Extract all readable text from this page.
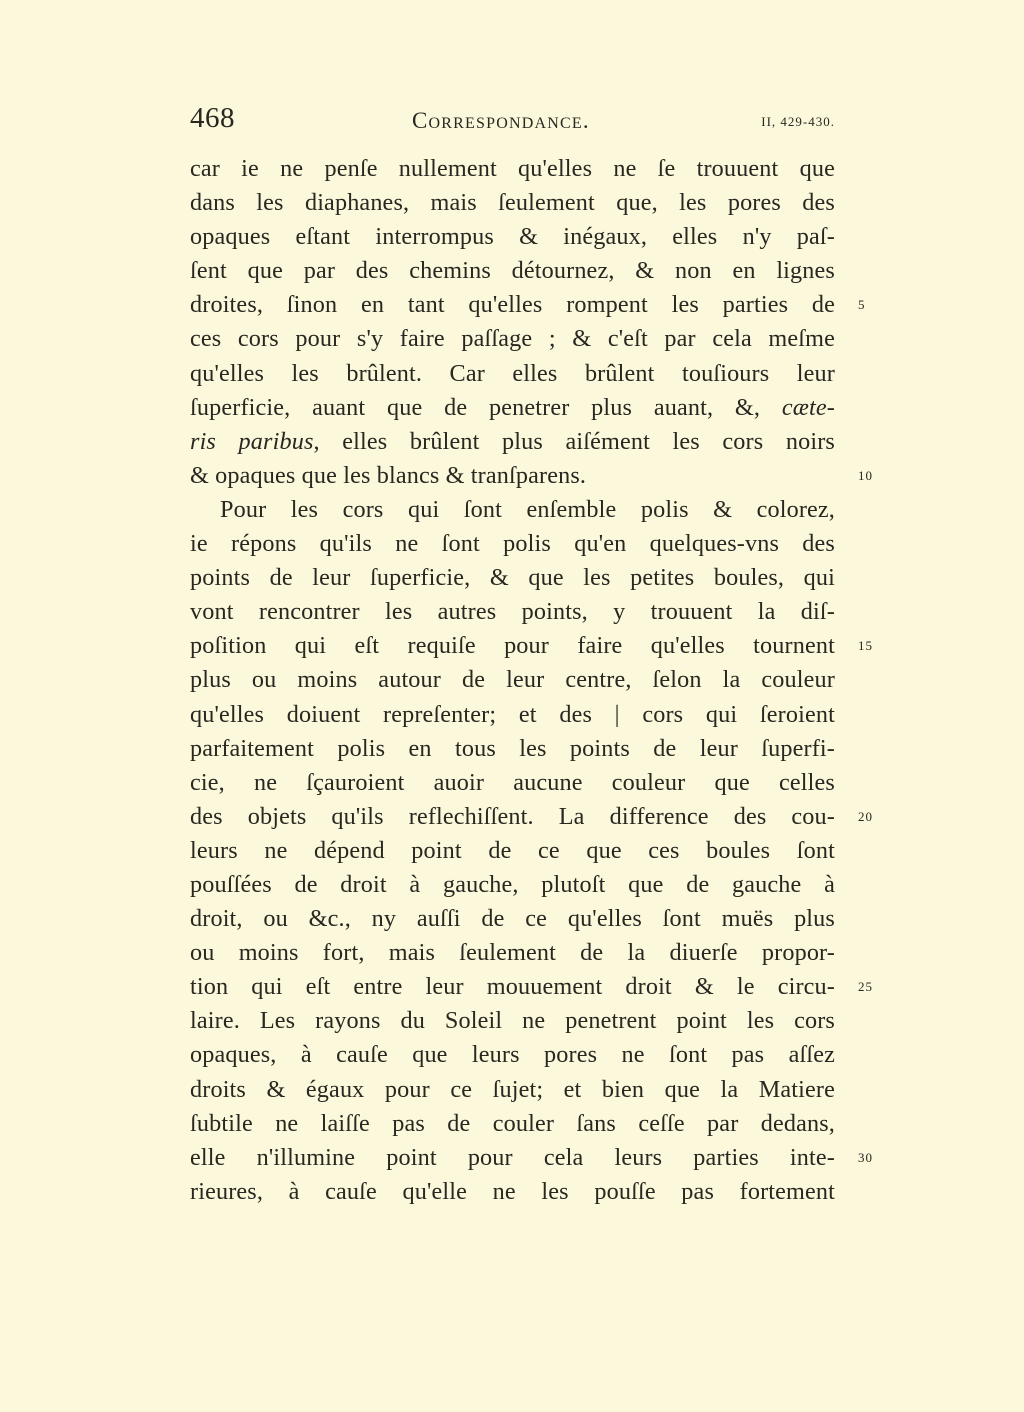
468	Correspondance.	II, 429-430.
car ie ne penſe nullement qu'elles ne ſe trouuent que
dans les diaphanes, mais ſeulement que, les pores des
opaques eſtant interrompus & inégaux, elles n'y paſ-
ſent que par des chemins détournez, & non en lignes
droites, ſinon en tant qu'elles rompent les parties de 5
ces cors pour s'y faire paſſage ; & c'eſt par cela meſme
qu'elles les brûlent. Car elles brûlent touſiours leur
ſuperficie, auant que de penetrer plus auant, &, cæte-
ris paribus, elles brûlent plus aiſément les cors noirs
& opaques que les blancs & tranſparens.	10
Pour les cors qui ſont enſemble polis & colorez,
ie répons qu'ils ne ſont polis qu'en quelques-vns des
points de leur ſuperficie, & que les petites boules, qui
vont rencontrer les autres points, y trouuent la diſ-
poſition qui eſt requiſe pour faire qu'elles tournent 15
plus ou moins autour de leur centre, ſelon la couleur
qu'elles doiuent repreſenter; et des | cors qui ſeroient
parfaitement polis en tous les points de leur ſuperfi-
cie, ne ſçauroient auoir aucune couleur que celles
des objets qu'ils reflechiſſent. La difference des cou- 20
leurs ne dépend point de ce que ces boules ſont
pouſſées de droit à gauche, plutoſt que de gauche à
droit, ou &c., ny auſſi de ce qu'elles ſont muës plus
ou moins fort, mais ſeulement de la diuerſe propor-
tion qui eſt entre leur mouuement droit & le circu- 25
laire. Les rayons du Soleil ne penetrent point les cors
opaques, à cauſe que leurs pores ne ſont pas aſſez
droits & égaux pour ce ſujet; et bien que la Matiere
ſubtile ne laiſſe pas de couler ſans ceſſe par dedans,
elle n'illumine point pour cela leurs parties inte- 30
rieures, à cauſe qu'elle ne les pouſſe pas fortement
